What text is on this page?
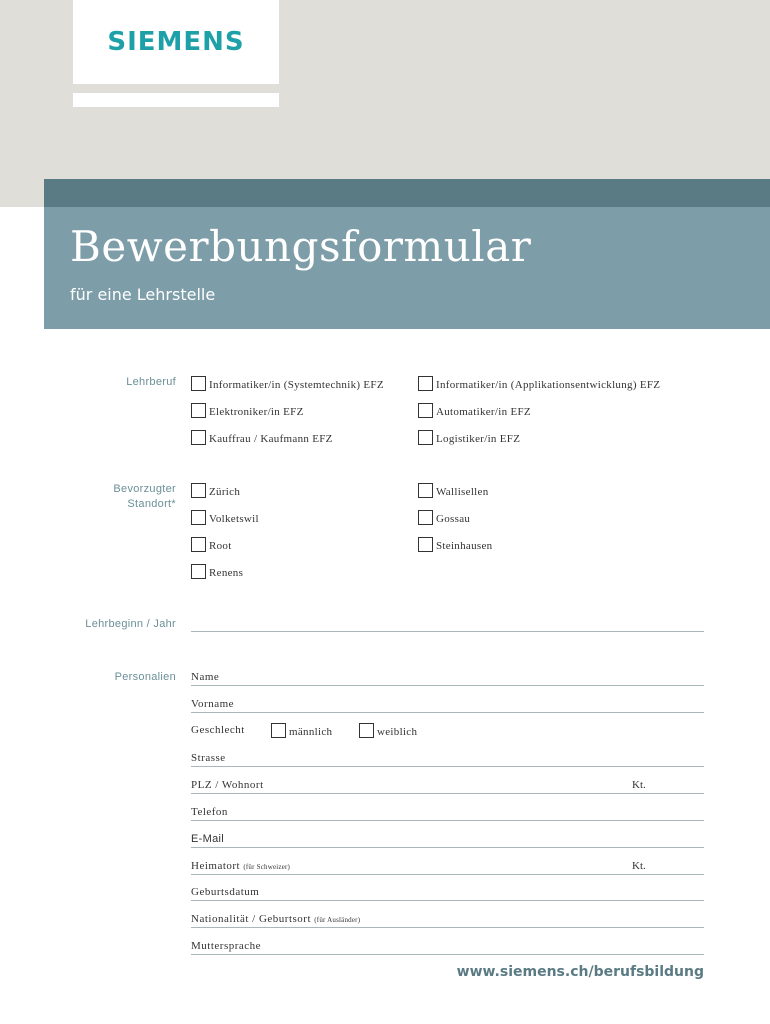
SIEMENS
Bewerbungsformular
für eine Lehrstelle
Lehrberuf	Informatiker/in (Systemtechnik) EFZ	Informatiker/in (Applikationsentwicklung) EFZ
Elektroniker/in EFZ	Automatiker/in EFZ
Kauffrau / Kaufmann EFZ	Logistiker/in EFZ
Bevorzugter
Standort*
Zürich	Wallisellen
Volketswil	Gossau
Root	Steinhausen
Renens
Lehrbeginn / Jahr
Personalien Name
Vorname
Geschlecht	männlich	weiblich
Strasse
PLZ / Wohnort	Kt.
Telefon
E-Mail
Heimatort (für Schweizer)	Kt.
Geburtsdatum
Nationalität / Geburtsort (für Ausländer)
Muttersprache
www.siemens.ch/berufsbildung
